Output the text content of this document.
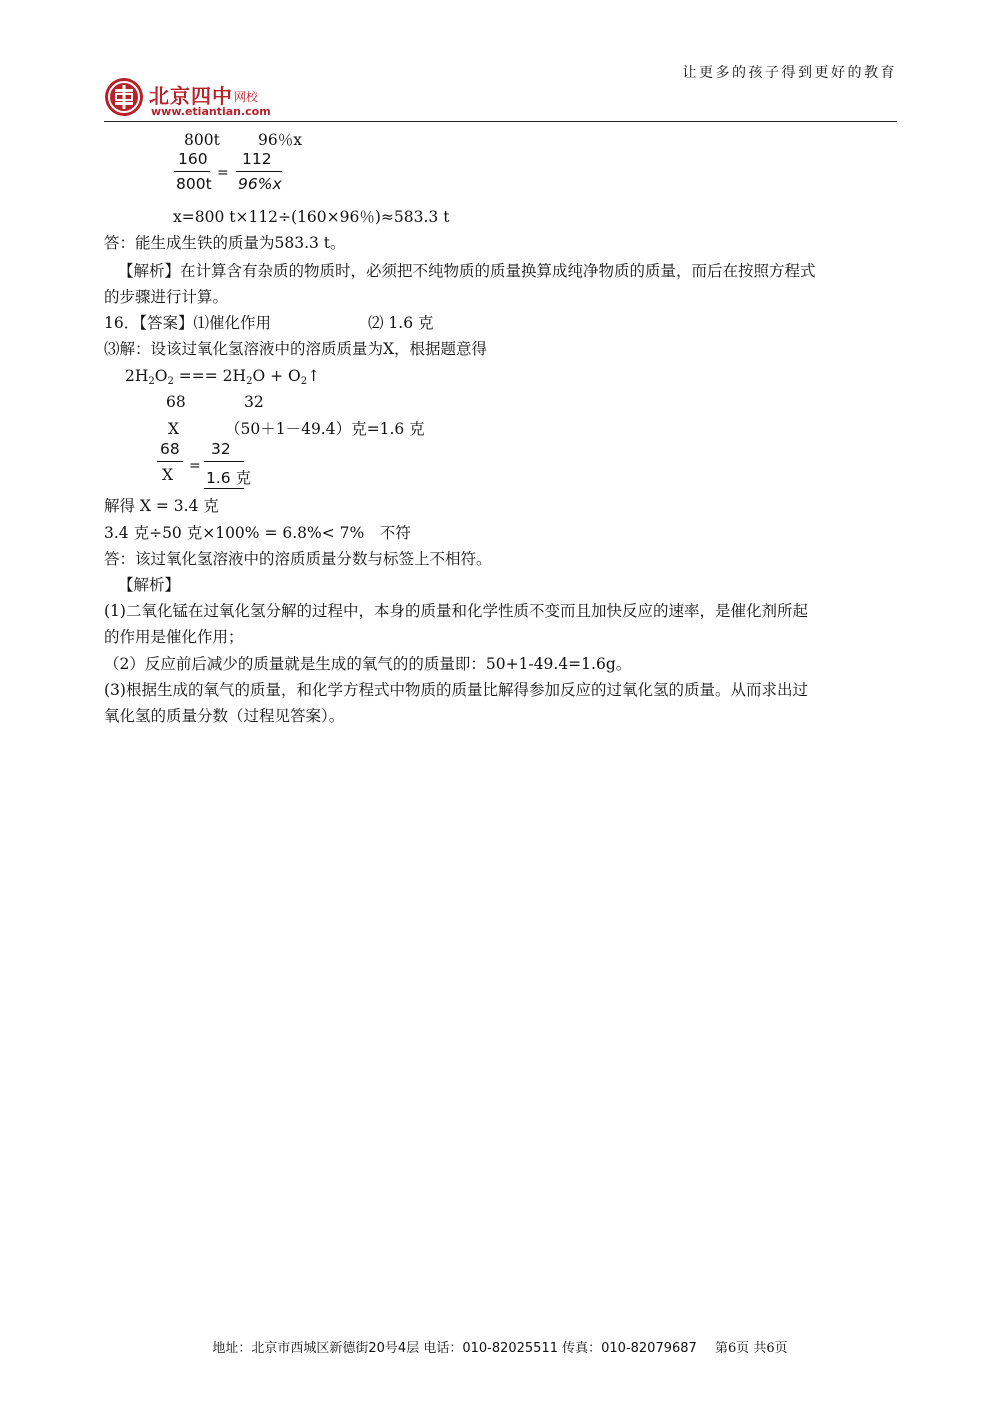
北京四中 网校
www.etiantian.com
让更多的孩子得到更好的教育
800t 96％x
160
800t
=
112
96%x
x=800 t×112÷(160×96％)≈583.3 t
答：能生成生铁的质量为583.3 t。
【解析】在计算含有杂质的物质时，必须把不纯物质的质量换算成纯净物质的质量，而后在按照方程式
的步骤进行计算。
16．【答案】⑴催化作用	⑵ 1.6 克
⑶解：设该过氧化氢溶液中的溶质质量为X，根据题意得
$2H_2O_2$ === $2H_2O$ + $O_2↑$
68	32
X	（50＋1－49.4）克=1.6 克
68
X =
32
1.6 克
解得 X = 3.4 克
3.4 克÷50 克×100% = 6.8%< 7%　不符
答：该过氧化氢溶液中的溶质质量分数与标签上不相符。
【解析】
(1)二氧化锰在过氧化氢分解的过程中，本身的质量和化学性质不变而且加快反应的速率，是催化剂所起
的作用是催化作用；
（2）反应前后减少的质量就是生成的氧气的的质量即：50+1-49.4=1.6g。
(3)根据生成的氧气的质量，和化学方程式中物质的质量比解得参加反应的过氧化氢的质量。从而求出过
氧化氢的质量分数（过程见答案）。
地址：北京市西城区新德街20号4层 电话：010-82025511 传真：010-82079687 第6页 共6页
